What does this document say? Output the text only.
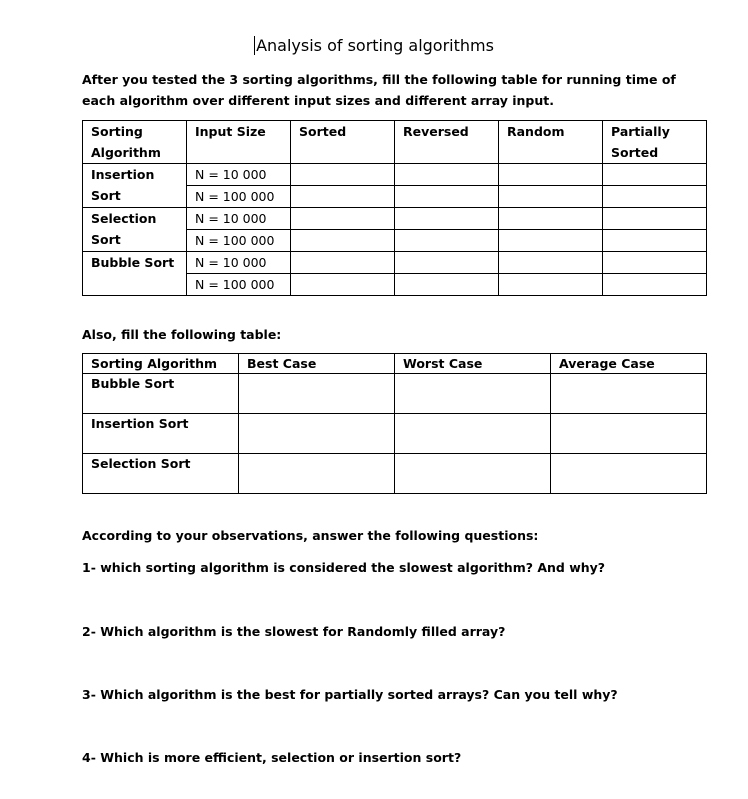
Analysis of sorting algorithms
After you tested the 3 sorting algorithms, fill the following table for running time of each algorithm over different input sizes and different array input.
Sorting Algorithm	Input Size	Sorted	Reversed	Random	Partially Sorted
Insertion Sort	N = 10 000				
	N = 100 000				
Selection Sort	N = 10 000				
	N = 100 000				
Bubble Sort	N = 10 000				
	N = 100 000				
Also, fill the following table:
Sorting Algorithm	Best Case	Worst Case	Average Case
Bubble Sort			
Insertion Sort			
Selection Sort			
According to your observations, answer the following questions:
1- which sorting algorithm is considered the slowest algorithm? And why?
2- Which algorithm is the slowest for Randomly filled array?
3- Which algorithm is the best for partially sorted arrays? Can you tell why?
4- Which is more efficient, selection or insertion sort?
